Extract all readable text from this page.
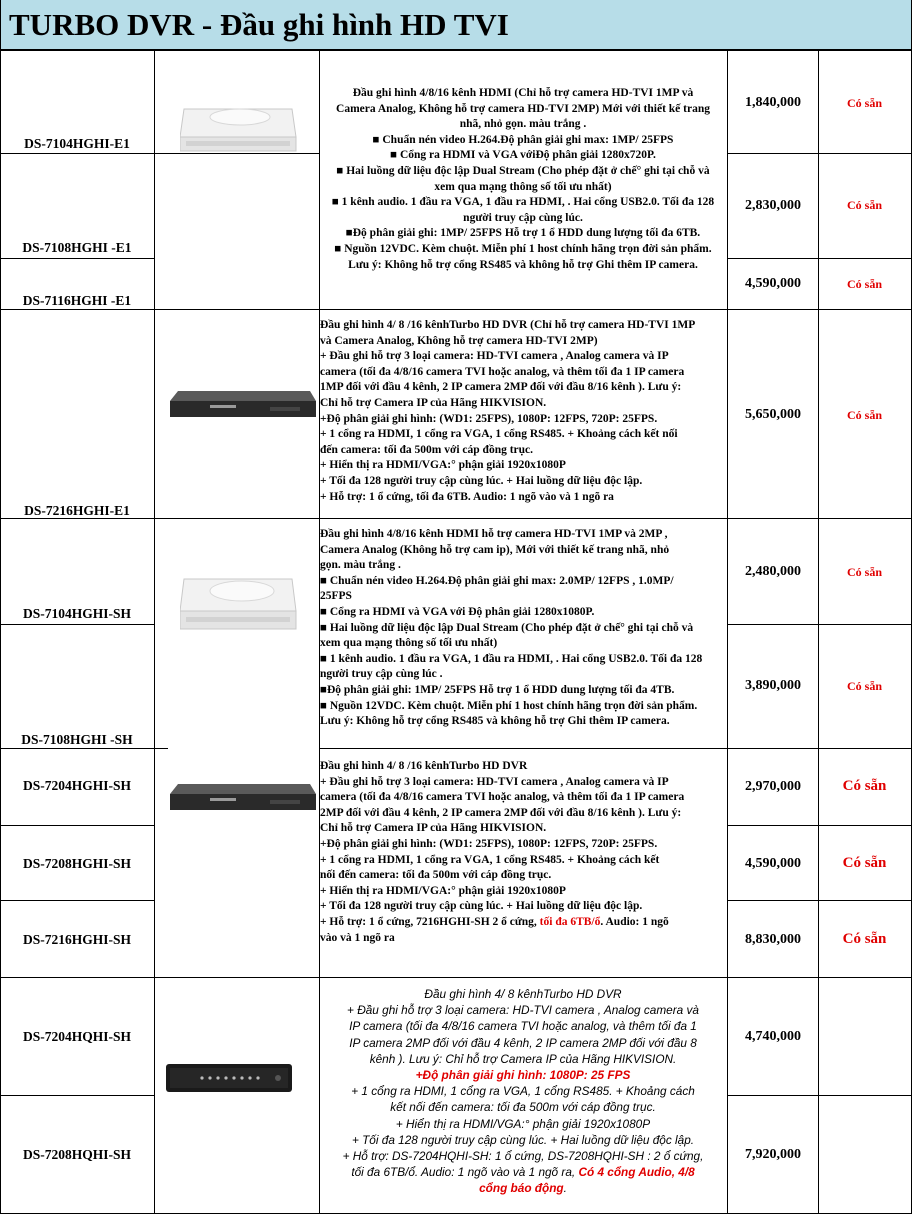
TURBO DVR - Đầu ghi hình HD TVI
DS-7104HGHI-E1
DS-7108HGHI -E1
DS-7116HGHI -E1
DS-7216HGHI-E1
DS-7104HGHI-SH
DS-7108HGHI -SH
DS-7204HGHI-SH
DS-7208HGHI-SH
DS-7216HGHI-SH
DS-7204HQHI-SH
DS-7208HQHI-SH
1,840,000
2,830,000
4,590,000
5,650,000
2,480,000
3,890,000
2,970,000
4,590,000
8,830,000
4,740,000
7,920,000
Có sẵn
Có sẵn
Có sẵn
Có sẵn
Có sẵn
Có sẵn
Có sẵn
Có sẵn
Có sẵn
Đầu ghi hình 4/8/16 kênh HDMI (Chỉ hỗ trợ camera HD-TVI 1MP và
Camera Analog, Không hỗ trợ camera HD-TVI 2MP) Mới với thiết kế trang
nhã, nhỏ gọn. màu trắng .
■ Chuẩn nén video H.264.Độ phân giải ghi max: 1MP/ 25FPS
■ Cổng ra HDMI và VGA vớiĐộ phân giải 1280x720P.
■ Hai luồng dữ liệu độc lập Dual Stream (Cho phép đặt ở chế° ghi tại chỗ và
xem qua mạng thông số tối ưu nhất)
■ 1 kênh audio. 1 đầu ra VGA, 1 đầu ra HDMI, . Hai cổng USB2.0. Tối đa 128
người truy cập cùng lúc.
■Độ phân giải ghi: 1MP/ 25FPS Hỗ trợ 1 ổ HDD dung lượng tối đa 6TB.
■ Nguồn 12VDC. Kèm chuột. Miễn phí 1 host chính hãng trọn đời sản phẩm.
Lưu ý: Không hỗ trợ cổng RS485 và không hỗ trợ Ghi thêm IP camera.
Đầu ghi hình 4/ 8 /16 kênhTurbo HD DVR (Chỉ hỗ trợ camera HD-TVI 1MP
và Camera Analog, Không hỗ trợ camera HD-TVI 2MP)
+ Đầu ghi hỗ trợ 3 loại camera: HD-TVI camera , Analog camera và IP
camera (tối đa 4/8/16 camera TVI hoặc analog, và thêm tối đa 1 IP camera
1MP đối với đầu 4 kênh, 2 IP camera 2MP đối với đầu 8/16 kênh ). Lưu ý:
Chỉ hỗ trợ Camera IP của Hãng HIKVISION.
+Độ phân giải ghi hình: (WD1: 25FPS), 1080P: 12FPS, 720P: 25FPS.
+ 1 cổng ra HDMI, 1 cổng ra VGA, 1 cổng RS485. + Khoảng cách kết nối
đến camera: tối đa 500m với cáp đồng trục.
+ Hiển thị ra HDMI/VGA:° phận giải 1920x1080P
+ Tối đa 128 người truy cập cùng lúc. + Hai luồng dữ liệu độc lập.
+ Hỗ trợ: 1 ổ cứng, tối đa 6TB. Audio: 1 ngõ vào và 1 ngõ ra
Đầu ghi hình 4/8/16 kênh HDMI hỗ trợ camera HD-TVI 1MP và 2MP ,
Camera Analog (Không hỗ trợ cam ip), Mới với thiết kế trang nhã, nhỏ
gọn. màu trắng .
■ Chuẩn nén video H.264.Độ phân giải ghi max: 2.0MP/ 12FPS , 1.0MP/
25FPS
■ Cổng ra HDMI và VGA với Độ phân giải 1280x1080P.
■ Hai luồng dữ liệu độc lập Dual Stream (Cho phép đặt ở chế° ghi tại chỗ và
xem qua mạng thông số tối ưu nhất)
■ 1 kênh audio. 1 đầu ra VGA, 1 đầu ra HDMI, . Hai cổng USB2.0. Tối đa 128
người truy cập cùng lúc .
■Độ phân giải ghi: 1MP/ 25FPS Hỗ trợ 1 ổ HDD dung lượng tối đa 4TB.
■ Nguồn 12VDC. Kèm chuột. Miễn phí 1 host chính hãng trọn đời sản phẩm.
Lưu ý: Không hỗ trợ cổng RS485 và không hỗ trợ Ghi thêm IP camera.
Đầu ghi hình 4/ 8 /16 kênhTurbo HD DVR
+ Đầu ghi hỗ trợ 3 loại camera: HD-TVI camera , Analog camera và IP
camera (tối đa 4/8/16 camera TVI hoặc analog, và thêm tối đa 1 IP camera
2MP đối với đầu 4 kênh, 2 IP camera 2MP đối với đầu 8/16 kênh ). Lưu ý:
Chỉ hỗ trợ Camera IP của Hãng HIKVISION.
+Độ phân giải ghi hình: (WD1: 25FPS), 1080P: 12FPS, 720P: 25FPS.
+ 1 cổng ra HDMI, 1 cổng ra VGA, 1 cổng RS485. + Khoảng cách kết
nối đến camera: tối đa 500m với cáp đồng trục.
+ Hiển thị ra HDMI/VGA:° phận giải 1920x1080P
+ Tối đa 128 người truy cập cùng lúc. + Hai luồng dữ liệu độc lập.
+ Hỗ trợ: 1 ổ cứng, 7216HGHI-SH 2 ổ cứng, tối đa 6TB/ổ. Audio: 1 ngõ
vào và 1 ngõ ra
Đầu ghi hình 4/ 8 kênhTurbo HD DVR
+ Đầu ghi hỗ trợ 3 loại camera: HD-TVI camera , Analog camera và
IP camera (tối đa 4/8/16 camera TVI hoặc analog, và thêm tối đa 1
IP camera 2MP đối với đầu 4 kênh, 2 IP camera 2MP đối với đầu 8
kênh ). Lưu ý: Chỉ hỗ trợ Camera IP của Hãng HIKVISION.
+Độ phân giải ghi hình: 1080P: 25 FPS
+ 1 cổng ra HDMI, 1 cổng ra VGA, 1 cổng RS485. + Khoảng cách
kết nối đến camera: tối đa 500m với cáp đồng trục.
+ Hiển thị ra HDMI/VGA:° phận giải 1920x1080P
+ Tối đa 128 người truy cập cùng lúc. + Hai luồng dữ liệu độc lập.
+ Hỗ trợ: DS-7204HQHI-SH: 1 ổ cứng, DS-7208HQHI-SH : 2 ổ cứng,
tối đa 6TB/ổ. Audio: 1 ngõ vào và 1 ngõ ra, Có 4 cổng Audio, 4/8
cổng báo động.
